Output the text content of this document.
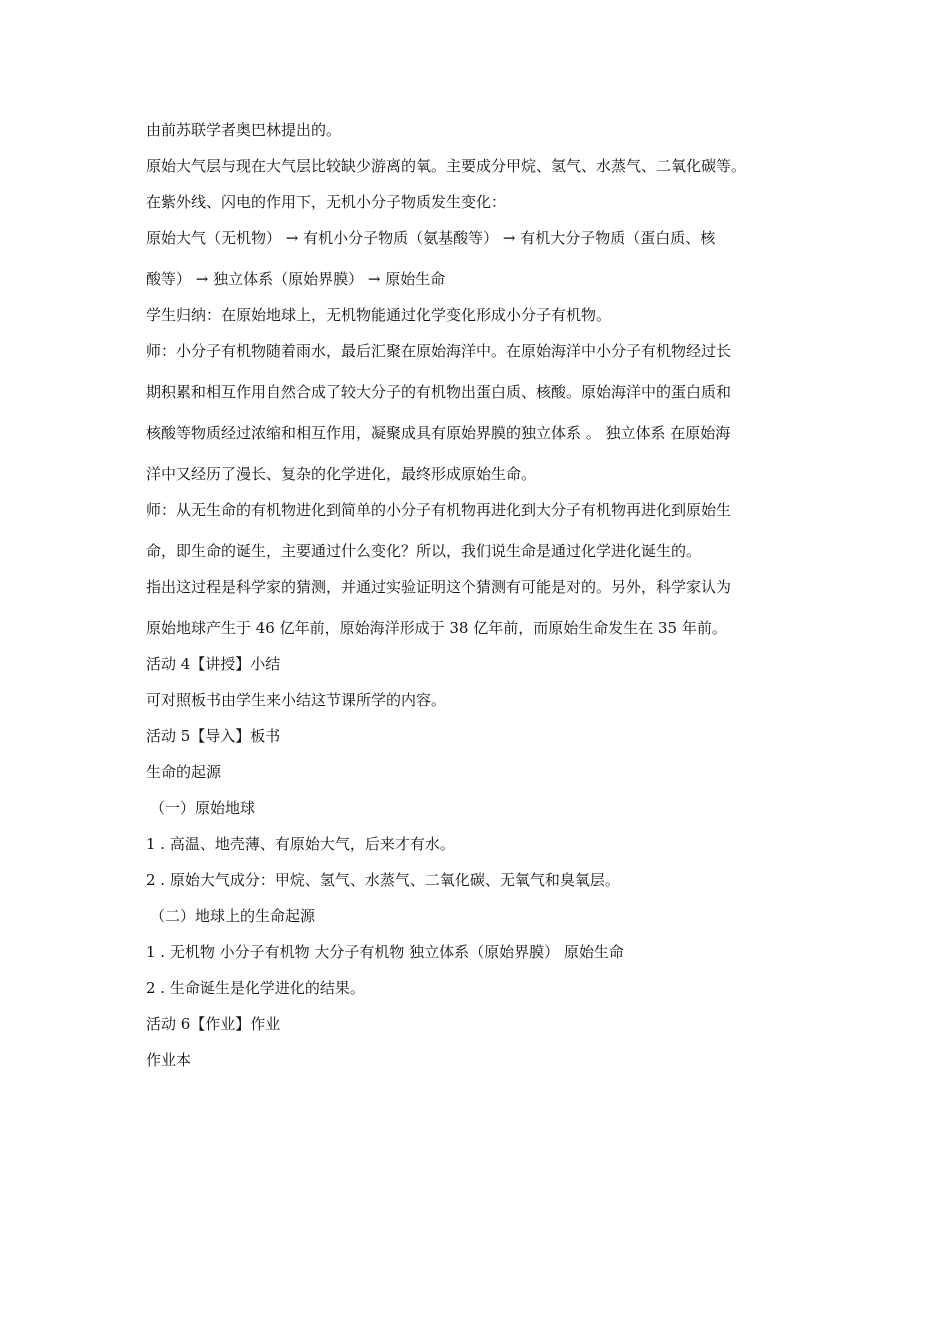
由前苏联学者奥巴林提出的。
原始大气层与现在大气层比较缺少游离的氧。主要成分甲烷、氢气、水蒸气、二氧化碳等。
在紫外线、闪电的作用下，无机小分子物质发生变化：
原始大气（无机物） → 有机小分子物质（氨基酸等） → 有机大分子物质（蛋白质、核
酸等） → 独立体系（原始界膜） → 原始生命
学生归纳：在原始地球上，无机物能通过化学变化形成小分子有机物。
师：小分子有机物随着雨水，最后汇聚在原始海洋中。在原始海洋中小分子有机物经过长
期积累和相互作用自然合成了较大分子的有机物出蛋白质、核酸。原始海洋中的蛋白质和
核酸等物质经过浓缩和相互作用，凝聚成具有原始界膜的独立体系 。 独立体系 在原始海
洋中又经历了漫长、复杂的化学进化，最终形成原始生命。
师：从无生命的有机物进化到简单的小分子有机物再进化到大分子有机物再进化到原始生
命，即生命的诞生，主要通过什么变化？所以，我们说生命是通过化学进化诞生的。
指出这过程是科学家的猜测，并通过实验证明这个猜测有可能是对的。另外，科学家认为
原始地球产生于 46 亿年前，原始海洋形成于 38 亿年前，而原始生命发生在 35 年前。
活动 4【讲授】小结
可对照板书由学生来小结这节课所学的内容。
活动 5【导入】板书
生命的起源
（一）原始地球
1 . 高温、地壳薄、有原始大气，后来才有水。
2 . 原始大气成分：甲烷、氢气、水蒸气、二氧化碳、无氧气和臭氧层。
（二）地球上的生命起源
1 . 无机物 小分子有机物 大分子有机物 独立体系（原始界膜） 原始生命
2 . 生命诞生是化学进化的结果。
活动 6【作业】作业
作业本
